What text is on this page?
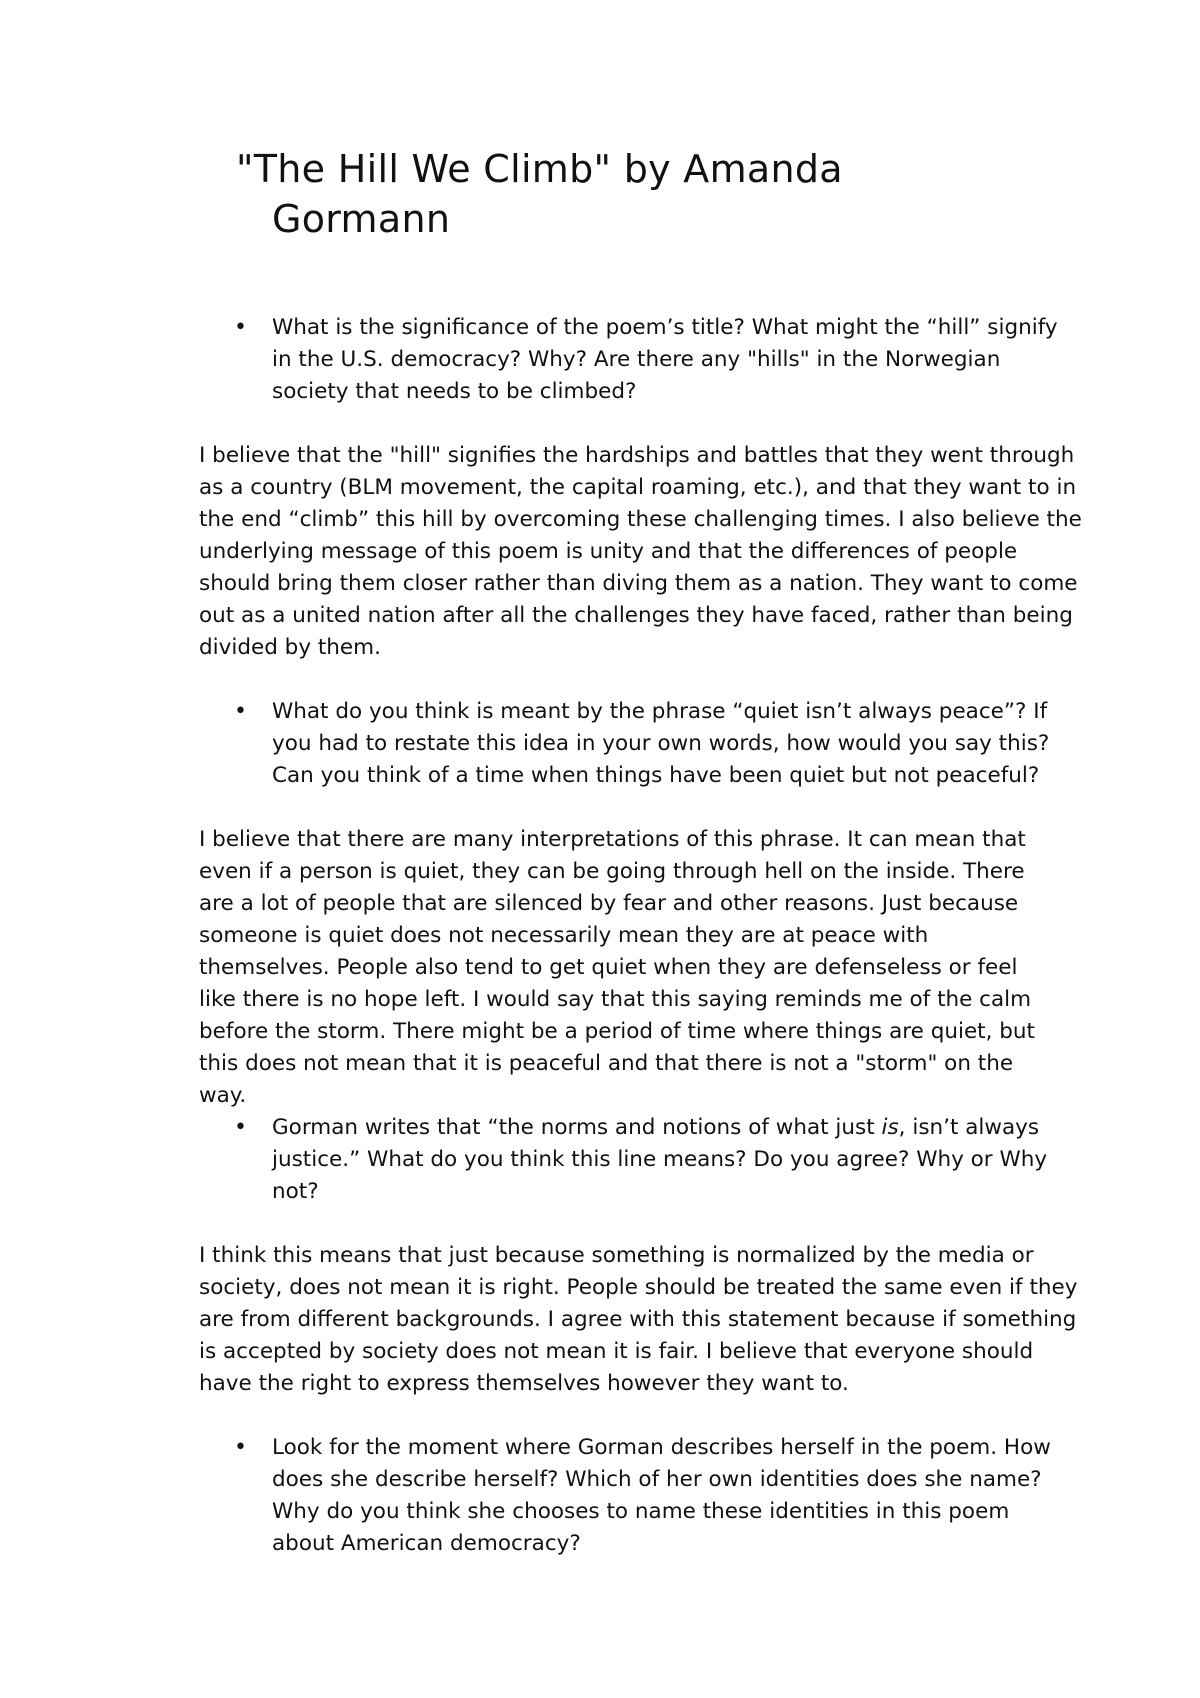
"The Hill We Climb" by Amanda Gormann
• What is the significance of the poem’s title? What might the “hill” signify in the U.S. democracy? Why? Are there any "hills" in the Norwegian society that needs to be climbed?
I believe that the "hill" signifies the hardships and battles that they went through as a country (BLM movement, the capital roaming, etc.), and that they want to in the end “climb” this hill by overcoming these challenging times. I also believe the underlying message of this poem is unity and that the differences of people should bring them closer rather than diving them as a nation. They want to come out as a united nation after all the challenges they have faced, rather than being divided by them.
• What do you think is meant by the phrase “quiet isn’t always peace”? If you had to restate this idea in your own words, how would you say this? Can you think of a time when things have been quiet but not peaceful?
I believe that there are many interpretations of this phrase. It can mean that even if a person is quiet, they can be going through hell on the inside. There are a lot of people that are silenced by fear and other reasons. Just because someone is quiet does not necessarily mean they are at peace with themselves. People also tend to get quiet when they are defenseless or feel like there is no hope left. I would say that this saying reminds me of the calm before the storm. There might be a period of time where things are quiet, but this does not mean that it is peaceful and that there is not a "storm" on the way.
• Gorman writes that “the norms and notions of what just is, isn’t always justice.” What do you think this line means? Do you agree? Why or Why not?
I think this means that just because something is normalized by the media or society, does not mean it is right. People should be treated the same even if they are from different backgrounds. I agree with this statement because if something is accepted by society does not mean it is fair. I believe that everyone should have the right to express themselves however they want to.
• Look for the moment where Gorman describes herself in the poem. How does she describe herself? Which of her own identities does she name? Why do you think she chooses to name these identities in this poem about American democracy?
